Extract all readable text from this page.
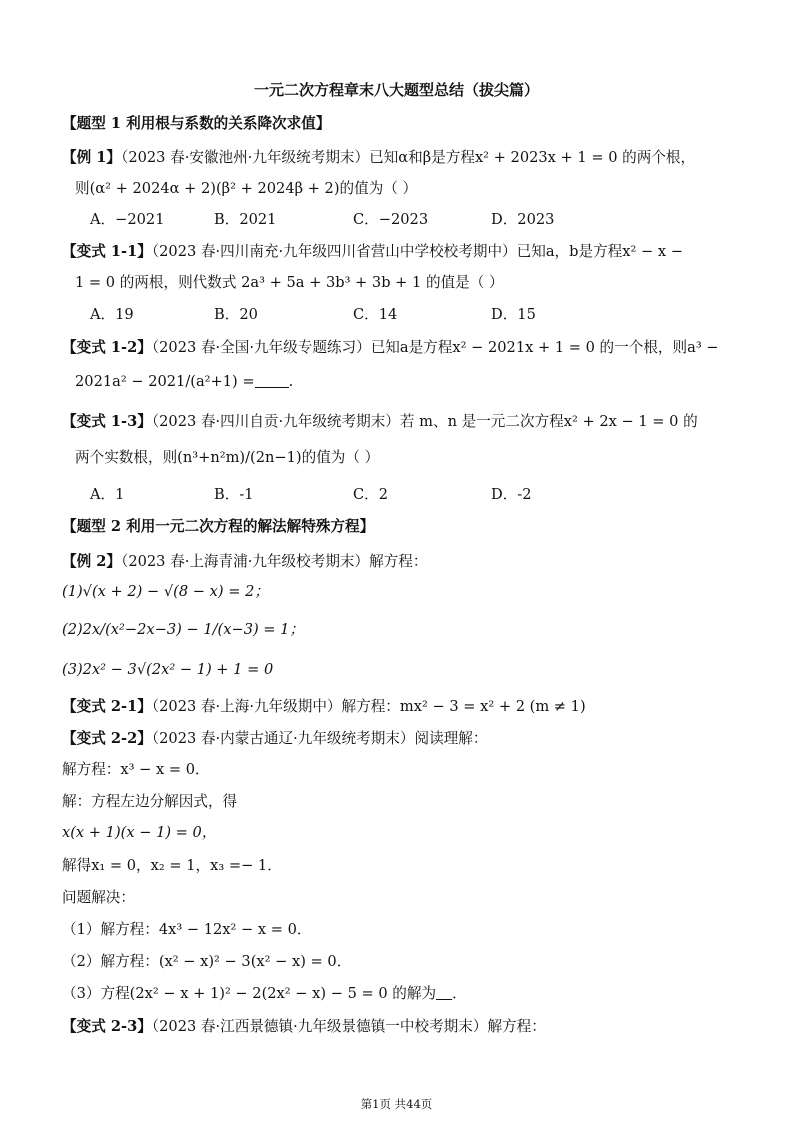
一元二次方程章末八大题型总结（拔尖篇）
【题型 1 利用根与系数的关系降次求值】
【例 1】（2023 春·安徽池州·九年级统考期末）已知α和β是方程x² + 2023x + 1 = 0 的两个根，
则(α² + 2024α + 2)(β² + 2024β + 2)的值为（ ）
A．−2021	B．2021	C．−2023	D．2023
【变式 1-1】（2023 春·四川南充·九年级四川省营山中学校校考期中）已知a，b是方程x² − x −
1 = 0 的两根，则代数式 2a³ + 5a + 3b³ + 3b + 1 的值是（ ）
A．19	B．20	C．14	D．15
【变式 1-2】（2023 春·全国·九年级专题练习）已知a是方程x² − 2021x + 1 = 0 的一个根，则a³ −
2021a² − 2021/(a²+1) = .
【变式 1-3】（2023 春·四川自贡·九年级统考期末）若 m、n 是一元二次方程x² + 2x − 1 = 0 的
两个实数根，则(n³+n²m)/(2n−1)的值为（ ）
A．1	B．-1	C．2	D．-2
【题型 2 利用一元二次方程的解法解特殊方程】
【例 2】（2023 春·上海青浦·九年级校考期末）解方程：
(1)√(x + 2) − √(8 − x) = 2；
(2)2x/(x²−2x−3) − 1/(x−3) = 1；
(3)2x² − 3√(2x² − 1) + 1 = 0
【变式 2-1】（2023 春·上海·九年级期中）解方程：mx² − 3 = x² + 2 (m ≠ 1)
【变式 2-2】（2023 春·内蒙古通辽·九年级统考期末）阅读理解：
解方程：x³ − x = 0．
解：方程左边分解因式，得
x(x + 1)(x − 1) = 0，
解得x₁ = 0，x₂ = 1，x₃ =− 1．
问题解决：
（1）解方程：4x³ − 12x² − x = 0．
（2）解方程：(x² − x)² − 3(x² − x) = 0．
（3）方程(2x² − x + 1)² − 2(2x² − x) − 5 = 0 的解为 ．
【变式 2-3】（2023 春·江西景德镇·九年级景德镇一中校考期末）解方程：
第1页 共44页
